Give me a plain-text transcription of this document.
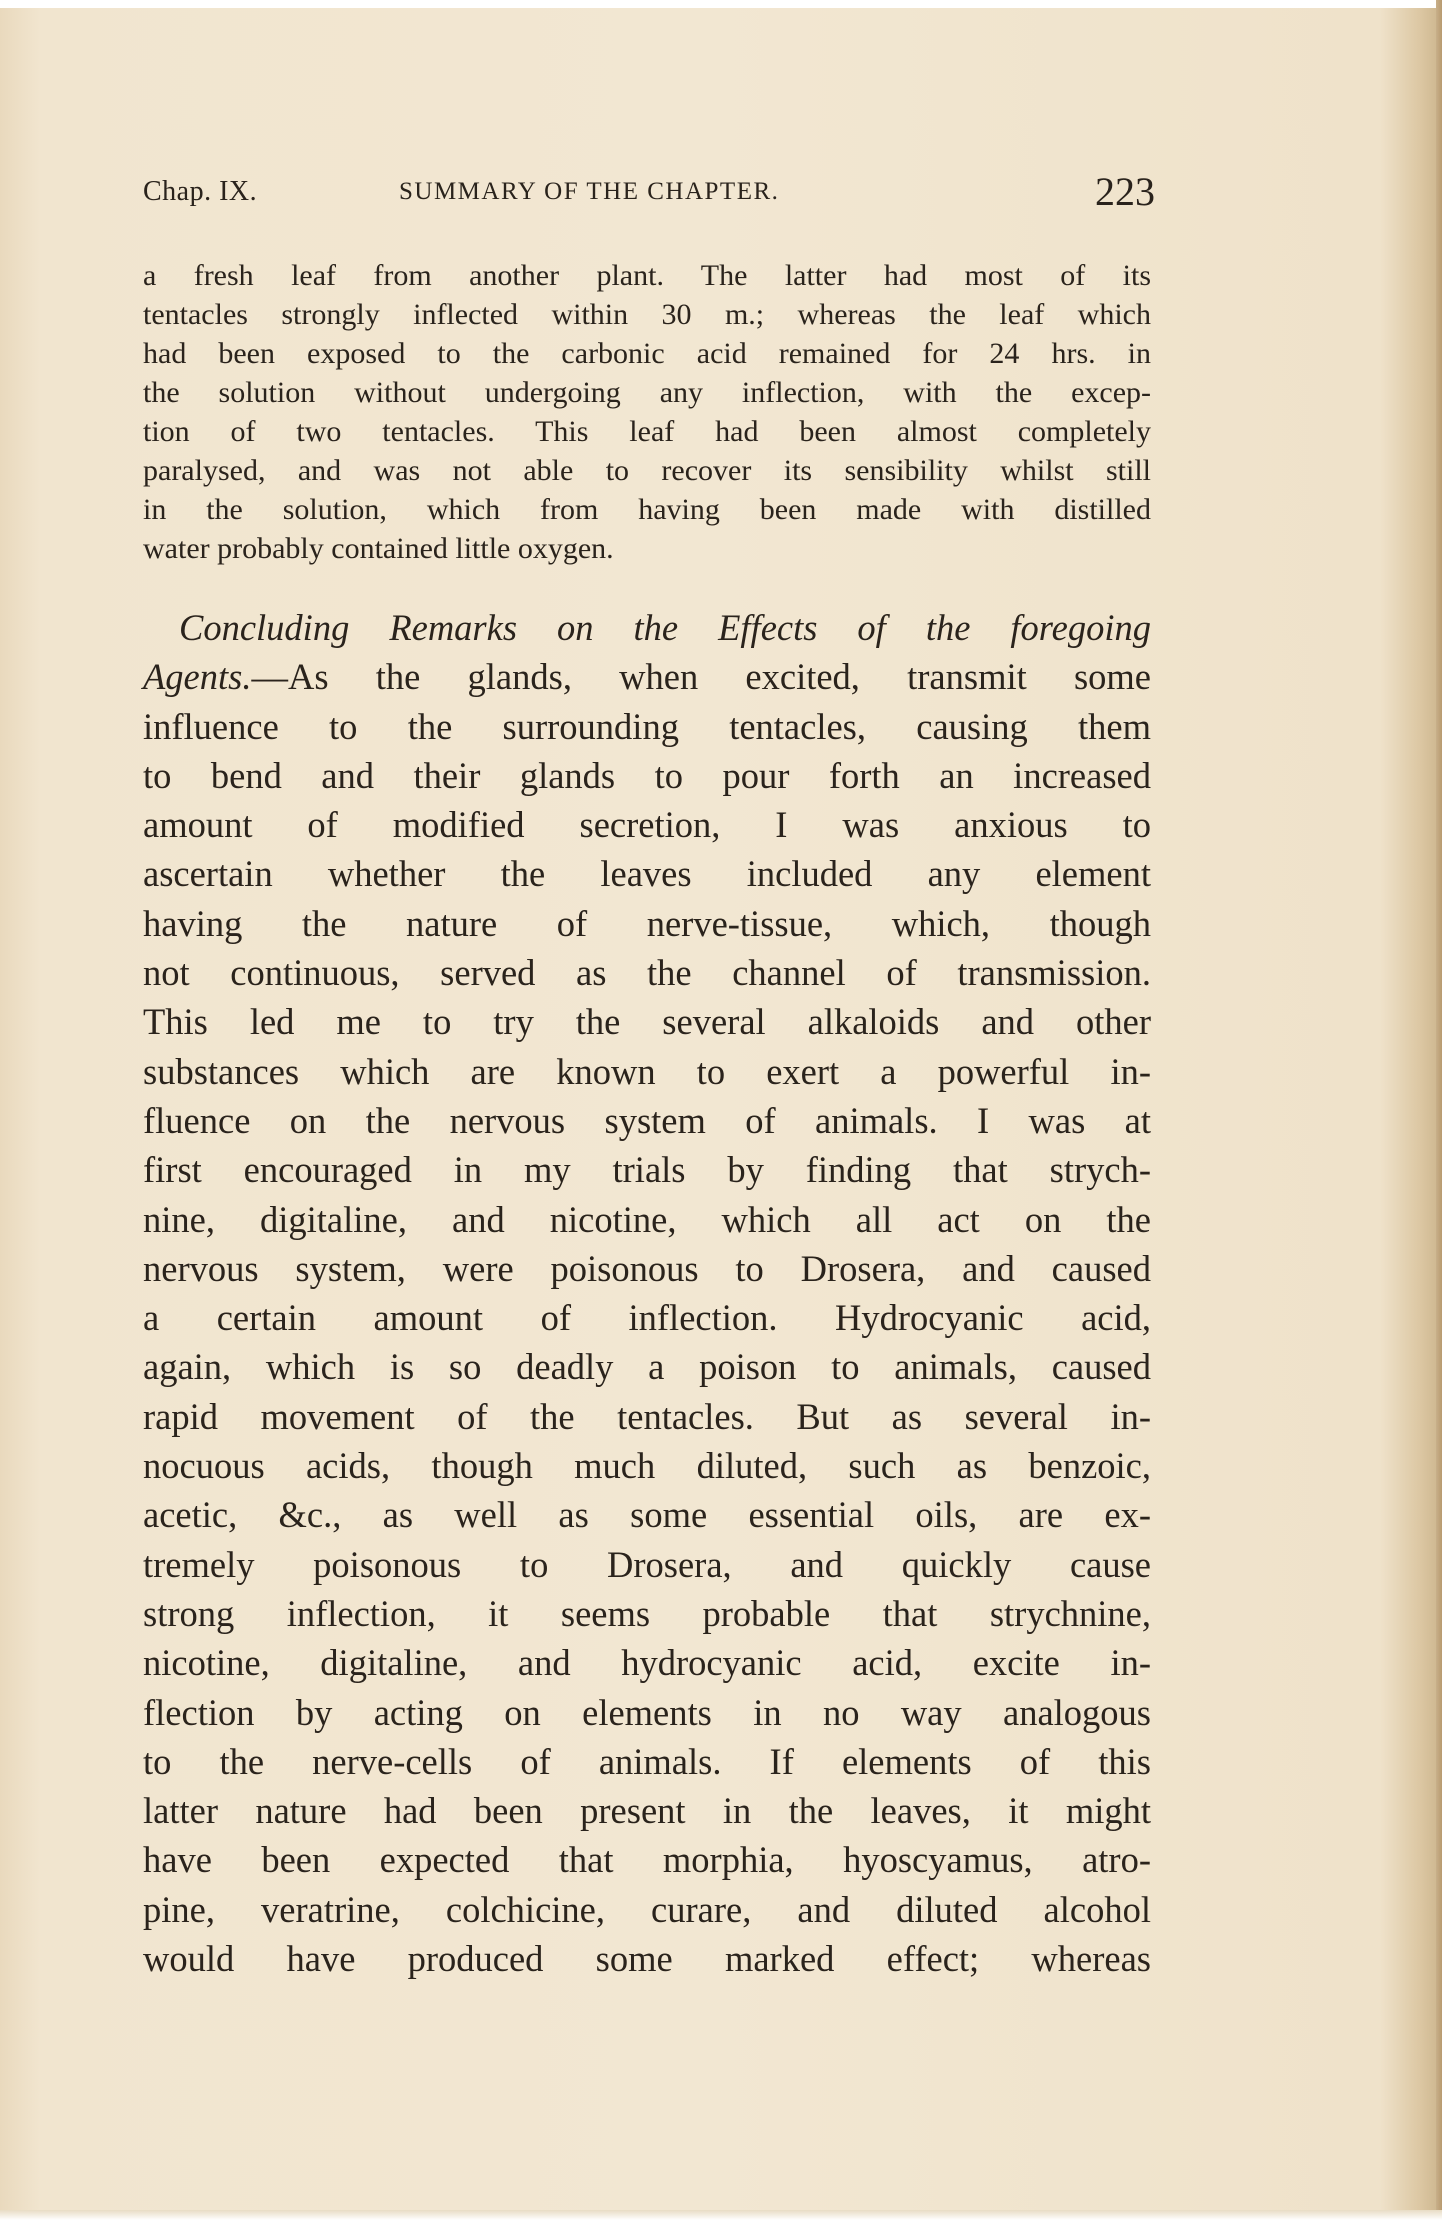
Chap. IX.	SUMMARY OF THE CHAPTER.	223
a fresh leaf from another plant. The latter had most of its
tentacles strongly inflected within 30 m.; whereas the leaf which
had been exposed to the carbonic acid remained for 24 hrs. in
the solution without undergoing any inflection, with the excep-
tion of two tentacles. This leaf had been almost completely
paralysed, and was not able to recover its sensibility whilst still
in the solution, which from having been made with distilled
water probably contained little oxygen.
Concluding Remarks on the Effects of the foregoing
Agents.—As the glands, when excited, transmit some
influence to the surrounding tentacles, causing them
to bend and their glands to pour forth an increased
amount of modified secretion, I was anxious to
ascertain whether the leaves included any element
having the nature of nerve-tissue, which, though
not continuous, served as the channel of transmission.
This led me to try the several alkaloids and other
substances which are known to exert a powerful in-
fluence on the nervous system of animals. I was at
first encouraged in my trials by finding that strych-
nine, digitaline, and nicotine, which all act on the
nervous system, were poisonous to Drosera, and caused
a certain amount of inflection. Hydrocyanic acid,
again, which is so deadly a poison to animals, caused
rapid movement of the tentacles. But as several in-
nocuous acids, though much diluted, such as benzoic,
acetic, &c., as well as some essential oils, are ex-
tremely poisonous to Drosera, and quickly cause
strong inflection, it seems probable that strychnine,
nicotine, digitaline, and hydrocyanic acid, excite in-
flection by acting on elements in no way analogous
to the nerve-cells of animals. If elements of this
latter nature had been present in the leaves, it might
have been expected that morphia, hyoscyamus, atro-
pine, veratrine, colchicine, curare, and diluted alcohol
would have produced some marked effect; whereas
